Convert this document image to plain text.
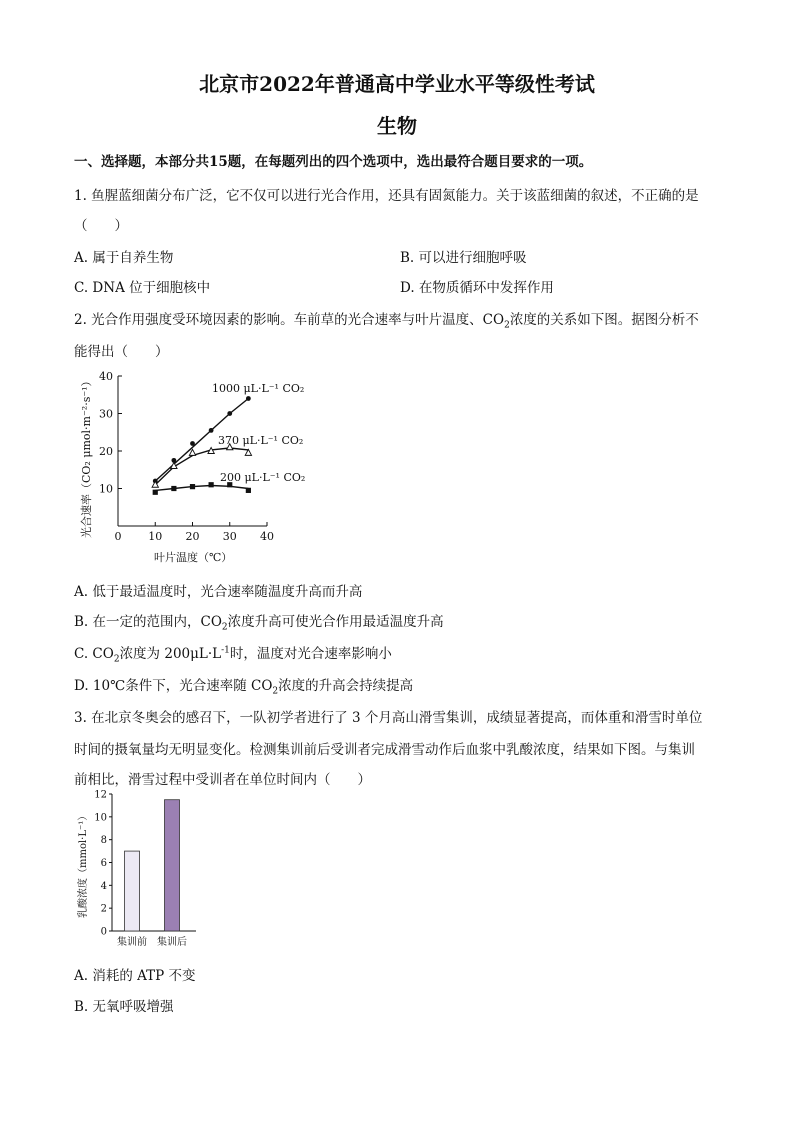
北京市2022年普通高中学业水平等级性考试
生物
一、选择题，本部分共15题，在每题列出的四个选项中，选出最符合题目要求的一项。
1. 鱼腥蓝细菌分布广泛，它不仅可以进行光合作用，还具有固氮能力。关于该蓝细菌的叙述，不正确的是
（　　）
A. 属于自养生物	B. 可以进行细胞呼吸
C. DNA 位于细胞核中	D. 在物质循环中发挥作用
2. 光合作用强度受环境因素的影响。车前草的光合速率与叶片温度、$CO_2$浓度的关系如下图。据图分析不
能得出（　　）
10
20
30
40
0 10 20 30 40
1000 μL·L⁻¹ CO₂
370 μL·L⁻¹ CO₂
200 μL·L⁻¹ CO₂
叶片温度（℃）
光合速率（CO₂ μmol·m⁻²·s⁻¹）
A. 低于最适温度时，光合速率随温度升高而升高
B. 在一定的范围内，$CO_2$浓度升高可使光合作用最适温度升高
C. $CO_2$浓度为 $200\mu L\cdot L^{-1}$时，温度对光合速率影响小
D. 10℃条件下，光合速率随 $CO_2$浓度的升高会持续提高
3. 在北京冬奥会的感召下，一队初学者进行了 3 个月高山滑雪集训，成绩显著提高，而体重和滑雪时单位
时间的摄氧量均无明显变化。检测集训前后受训者完成滑雪动作后血浆中乳酸浓度，结果如下图。与集训
前相比，滑雪过程中受训者在单位时间内（　　）
0
2
4
6
8
10
12
集训前 集训后
乳酸浓度（mmol·L⁻¹）
A. 消耗的 ATP 不变
B. 无氧呼吸增强
